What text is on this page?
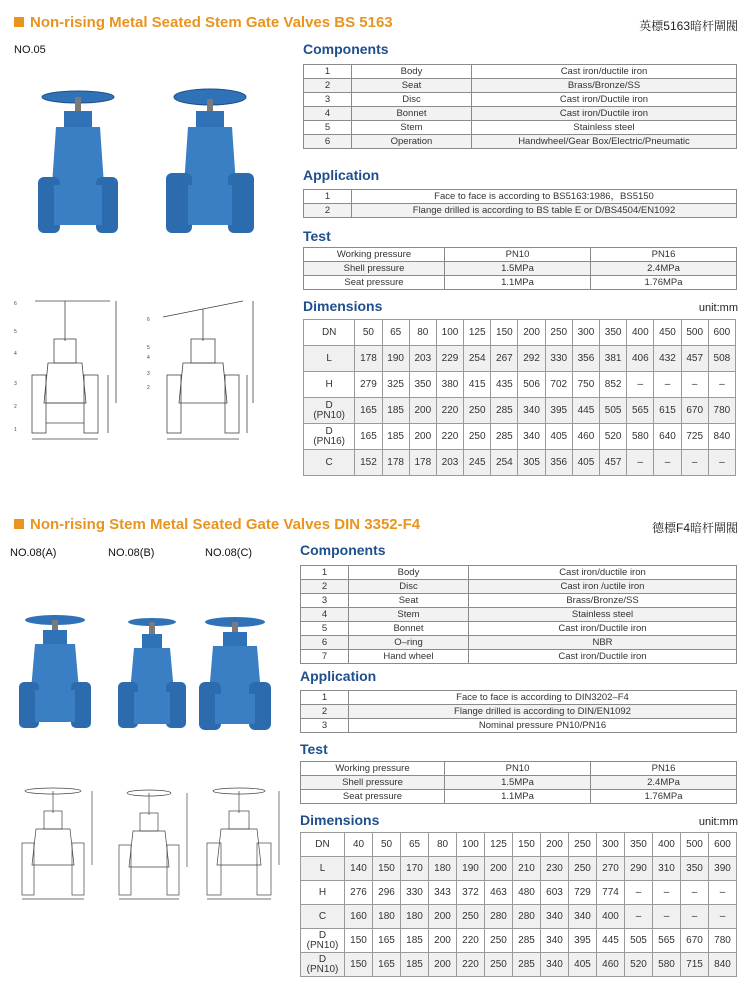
Non-rising Metal Seated Stem Gate Valves BS 5163	英標5163暗杆閘閥
NO.05
6
5
4
3
2
1
6
5
4
3
2
Components
1	Body	Cast iron/ductile iron
2	Seat	Brass/Bronze/SS
3	Disc	Cast iron/Ductile iron
4	Bonnet	Cast iron/Ductile iron
5	Stem	Stainless steel
6	Operation	Handwheel/Gear Box/Electric/Pneumatic
Application
1	Face to face is according to BS5163:1986，BS5150
2	Flange drilled is according to BS table E or D/BS4504/EN1092
Test
Working pressure	PN10	PN16
Shell pressure	1.5MPa	2.4MPa
Seat pressure	1.1MPa	1.76MPa
Dimensions	unit:mm
DN	50	65	80	100	125	150	200	250	300	350	400	450	500	600
L	178	190	203	229	254	267	292	330	356	381	406	432	457	508
H	279	325	350	380	415	435	506	702	750	852	–	–	–	–
D
(PN10)	165	185	200	220	250	285	340	395	445	505	565	615	670	780
D
(PN16)	165	185	200	220	250	285	340	405	460	520	580	640	725	840
C	152	178	178	203	245	254	305	356	405	457	–	–	–	–
Non-rising Stem Metal Seated Gate Valves DIN 3352-F4	德標F4暗杆閘閥
NO.08(A)	NO.08(B)	NO.08(C)	Components
1	Body	Cast iron/ductile iron
2	Disc	Cast iron /uctile iron
3	Seat	Brass/Bronze/SS
4	Stem	Stainless steel
5	Bonnet	Cast iron/Ductile iron
6	O–ring	NBR
7	Hand wheel	Cast iron/Ductile iron
Application
1	Face to face is according to DIN3202–F4
2	Flange drilled is according to DIN/EN1092
3	Nominal pressure PN10/PN16
Test
Working pressure	PN10	PN16
Shell pressure	1.5MPa	2.4MPa
Seat pressure	1.1MPa	1.76MPa
Dimensions	unit:mm
DN	40	50	65	80	100	125	150	200	250	300	350	400	500	600
L	140	150	170	180	190	200	210	230	250	270	290	310	350	390
H	276	296	330	343	372	463	480	603	729	774	–	–	–	–
C	160	180	180	200	250	280	280	340	340	400	–	–	–	–
D
(PN10)	150	165	185	200	220	250	285	340	395	445	505	565	670	780
D
(PN10)	150	165	185	200	220	250	285	340	405	460	520	580	715	840
